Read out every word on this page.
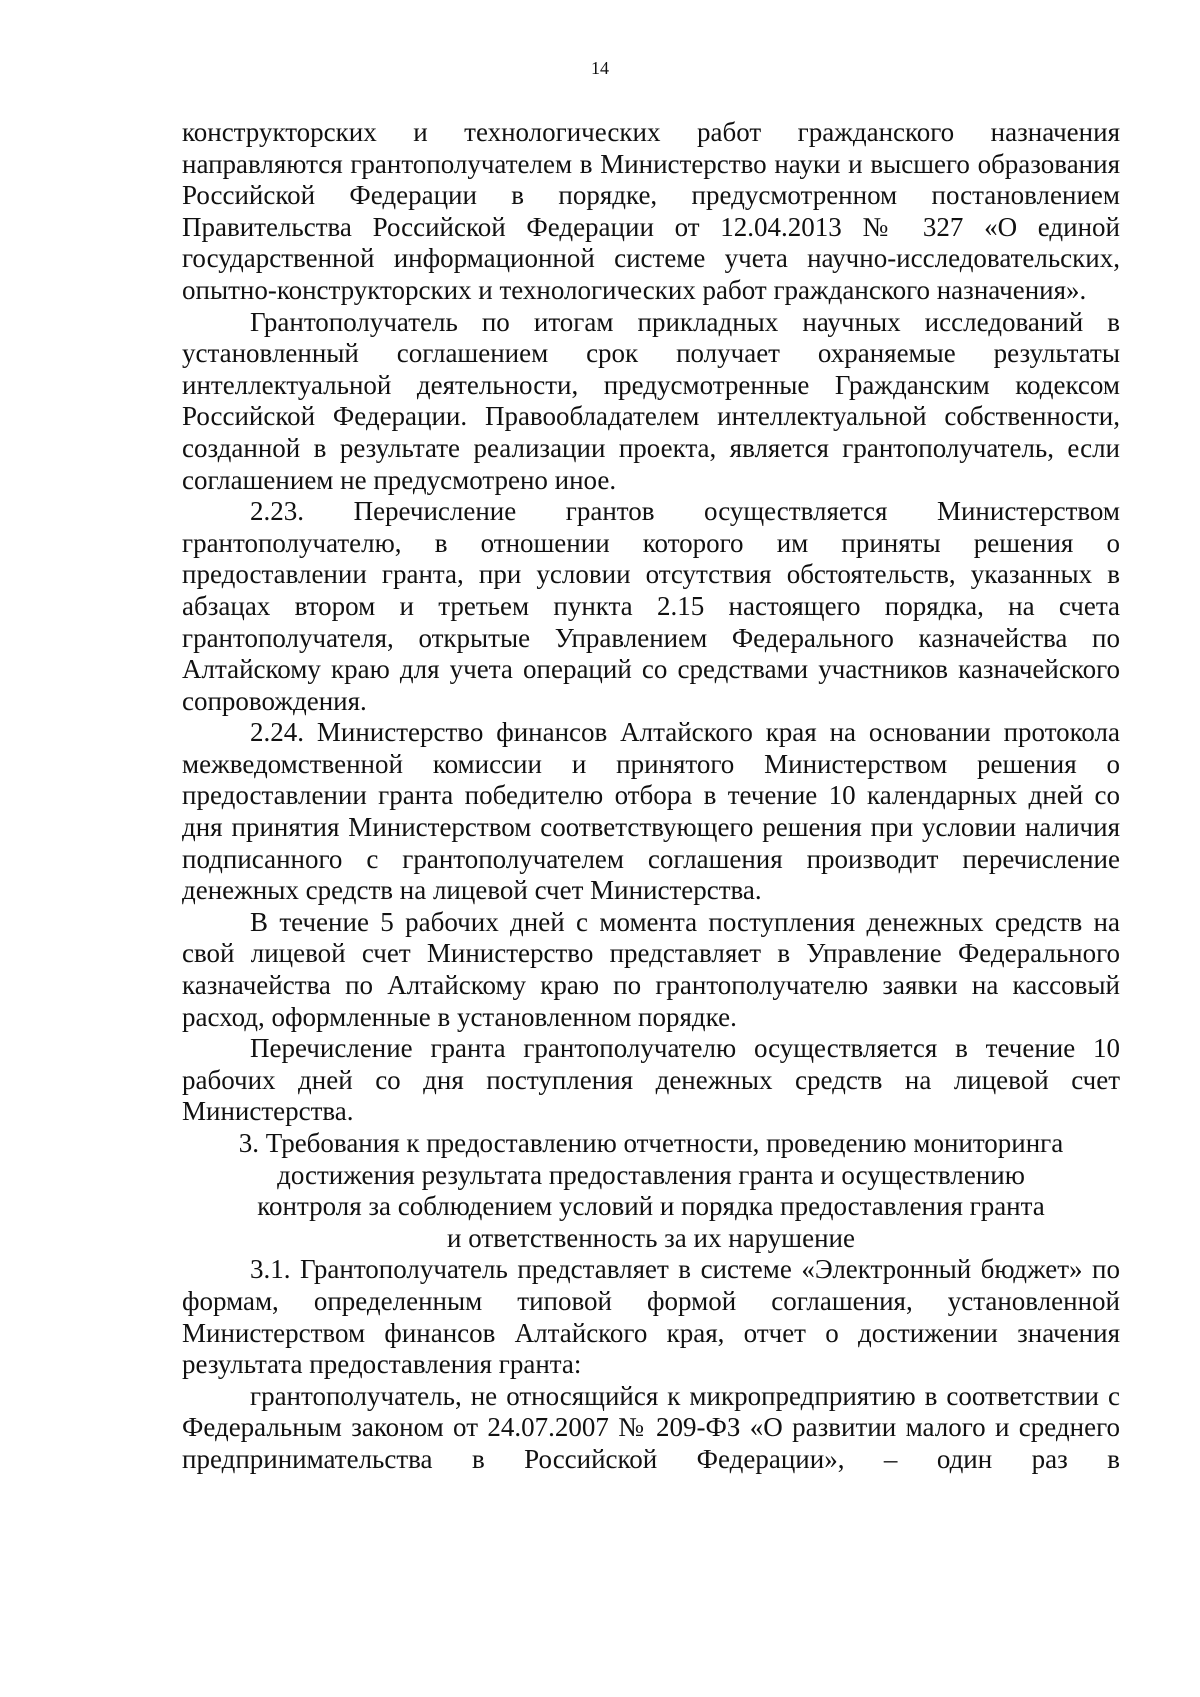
14

конструкторских и технологических работ гражданского назначения направляются грантополучателем в Министерство науки и высшего образования Российской Федерации в порядке, предусмотренном постановлением Правительства Российской Федерации от 12.04.2013 № 327 «О единой государственной информационной системе учета научно-исследовательских, опытно-конструкторских и технологических работ гражданского назначения».

Грантополучатель по итогам прикладных научных исследований в установленный соглашением срок получает охраняемые результаты интеллектуальной деятельности, предусмотренные Гражданским кодексом Российской Федерации. Правообладателем интеллектуальной собственности, созданной в результате реализации проекта, является грантополучатель, если соглашением не предусмотрено иное.

2.23. Перечисление грантов осуществляется Министерством грантополучателю, в отношении которого им приняты решения о предоставлении гранта, при условии отсутствия обстоятельств, указанных в абзацах втором и третьем пункта 2.15 настоящего порядка, на счета грантополучателя, открытые Управлением Федерального казначейства по Алтайскому краю для учета операций со средствами участников казначейского сопровождения.

2.24. Министерство финансов Алтайского края на основании протокола межведомственной комиссии и принятого Министерством решения о предоставлении гранта победителю отбора в течение 10 календарных дней со дня принятия Министерством соответствующего решения при условии наличия подписанного с грантополучателем соглашения производит перечисление денежных средств на лицевой счет Министерства.

В течение 5 рабочих дней с момента поступления денежных средств на свой лицевой счет Министерство представляет в Управление Федерального казначейства по Алтайскому краю по грантополучателю заявки на кассовый расход, оформленные в установленном порядке.

Перечисление гранта грантополучателю осуществляется в течение 10 рабочих дней со дня поступления денежных средств на лицевой счет Министерства.

3. Требования к предоставлению отчетности, проведению мониторинга
достижения результата предоставления гранта и осуществлению
контроля за соблюдением условий и порядка предоставления гранта
и ответственность за их нарушение

3.1. Грантополучатель представляет в системе «Электронный бюджет» по формам, определенным типовой формой соглашения, установленной Министерством финансов Алтайского края, отчет о достижении значения результата предоставления гранта:

грантополучатель, не относящийся к микропредприятию в соответствии с Федеральным законом от 24.07.2007 № 209-ФЗ «О развитии малого и среднего предпринимательства в Российской Федерации», – один раз в
